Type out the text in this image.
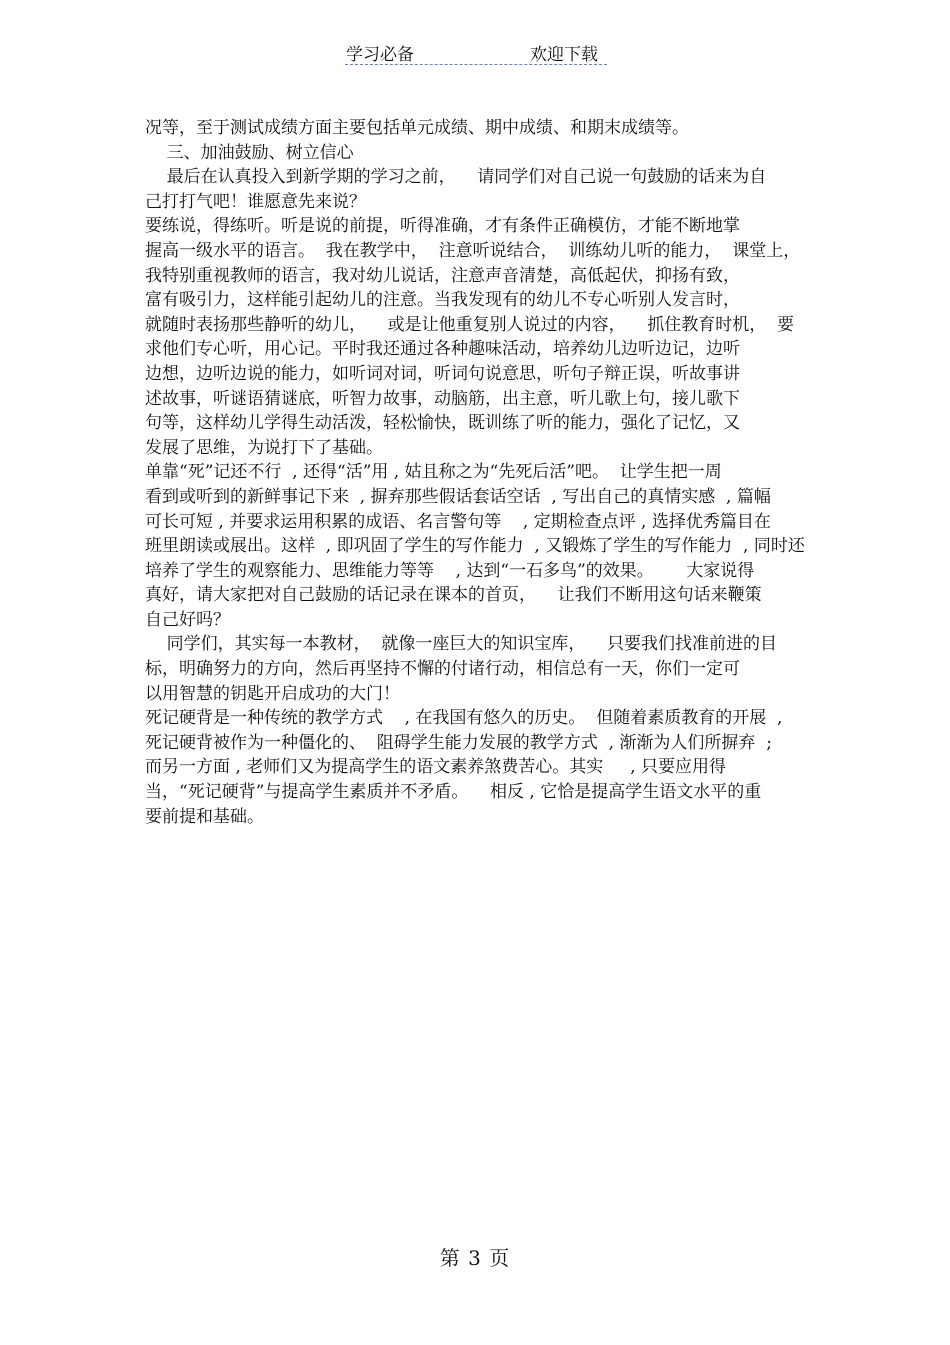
学习必备	欢迎下载
况等，至于测试成绩方面主要包括单元成绩、期中成绩、和期末成绩等。
三、加油鼓励、树立信心
最后在认真投入到新学期的学习之前，    请同学们对自己说一句鼓励的话来为自
己打打气吧！谁愿意先来说？
要练说，得练听。听是说的前提，听得准确，才有条件正确模仿，才能不断地掌
握高一级水平的语言。  我在教学中，  注意听说结合，  训练幼儿听的能力，  课堂上，
我特别重视教师的语言，我对幼儿说话，注意声音清楚，高低起伏，抑扬有致，
富有吸引力，这样能引起幼儿的注意。当我发现有的幼儿不专心听别人发言时，
就随时表扬那些静听的幼儿，    或是让他重复别人说过的内容，    抓住教育时机，  要
求他们专心听，用心记。平时我还通过各种趣味活动，培养幼儿边听边记，边听
边想，边听边说的能力，如听词对词，听词句说意思，听句子辩正误，听故事讲
述故事，听谜语猜谜底，听智力故事，动脑筋，出主意，听儿歌上句，接儿歌下
句等，这样幼儿学得生动活泼，轻松愉快，既训练了听的能力，强化了记忆，又
发展了思维，为说打下了基础。
单靠“死”记还不行  , 还得“活”用 , 姑且称之为“先死后活”吧。  让学生把一周
看到或听到的新鲜事记下来  , 摒弃那些假话套话空话  , 写出自己的真情实感  , 篇幅
可长可短 , 并要求运用积累的成语、名言警句等    , 定期检查点评 , 选择优秀篇目在
班里朗读或展出。这样  , 即巩固了学生的写作能力  , 又锻炼了学生的写作能力  , 同时还
培养了学生的观察能力、思维能力等等    , 达到“一石多鸟”的效果。      大家说得
真好，请大家把对自己鼓励的话记录在课本的首页，    让我们不断用这句话来鞭策
自己好吗？
同学们，其实每一本教材，  就像一座巨大的知识宝库，    只要我们找准前进的目
标，明确努力的方向，然后再坚持不懈的付诸行动，相信总有一天，你们一定可
以用智慧的钥匙开启成功的大门！
死记硬背是一种传统的教学方式    , 在我国有悠久的历史。  但随着素质教育的开展  ,
死记硬背被作为一种僵化的、  阻碍学生能力发展的教学方式  , 渐渐为人们所摒弃  ;
而另一方面 , 老师们又为提高学生的语文素养煞费苦心。其实     , 只要应用得
当，“死记硬背”与提高学生素质并不矛盾。    相反 , 它恰是提高学生语文水平的重
要前提和基础。
第 3 页
